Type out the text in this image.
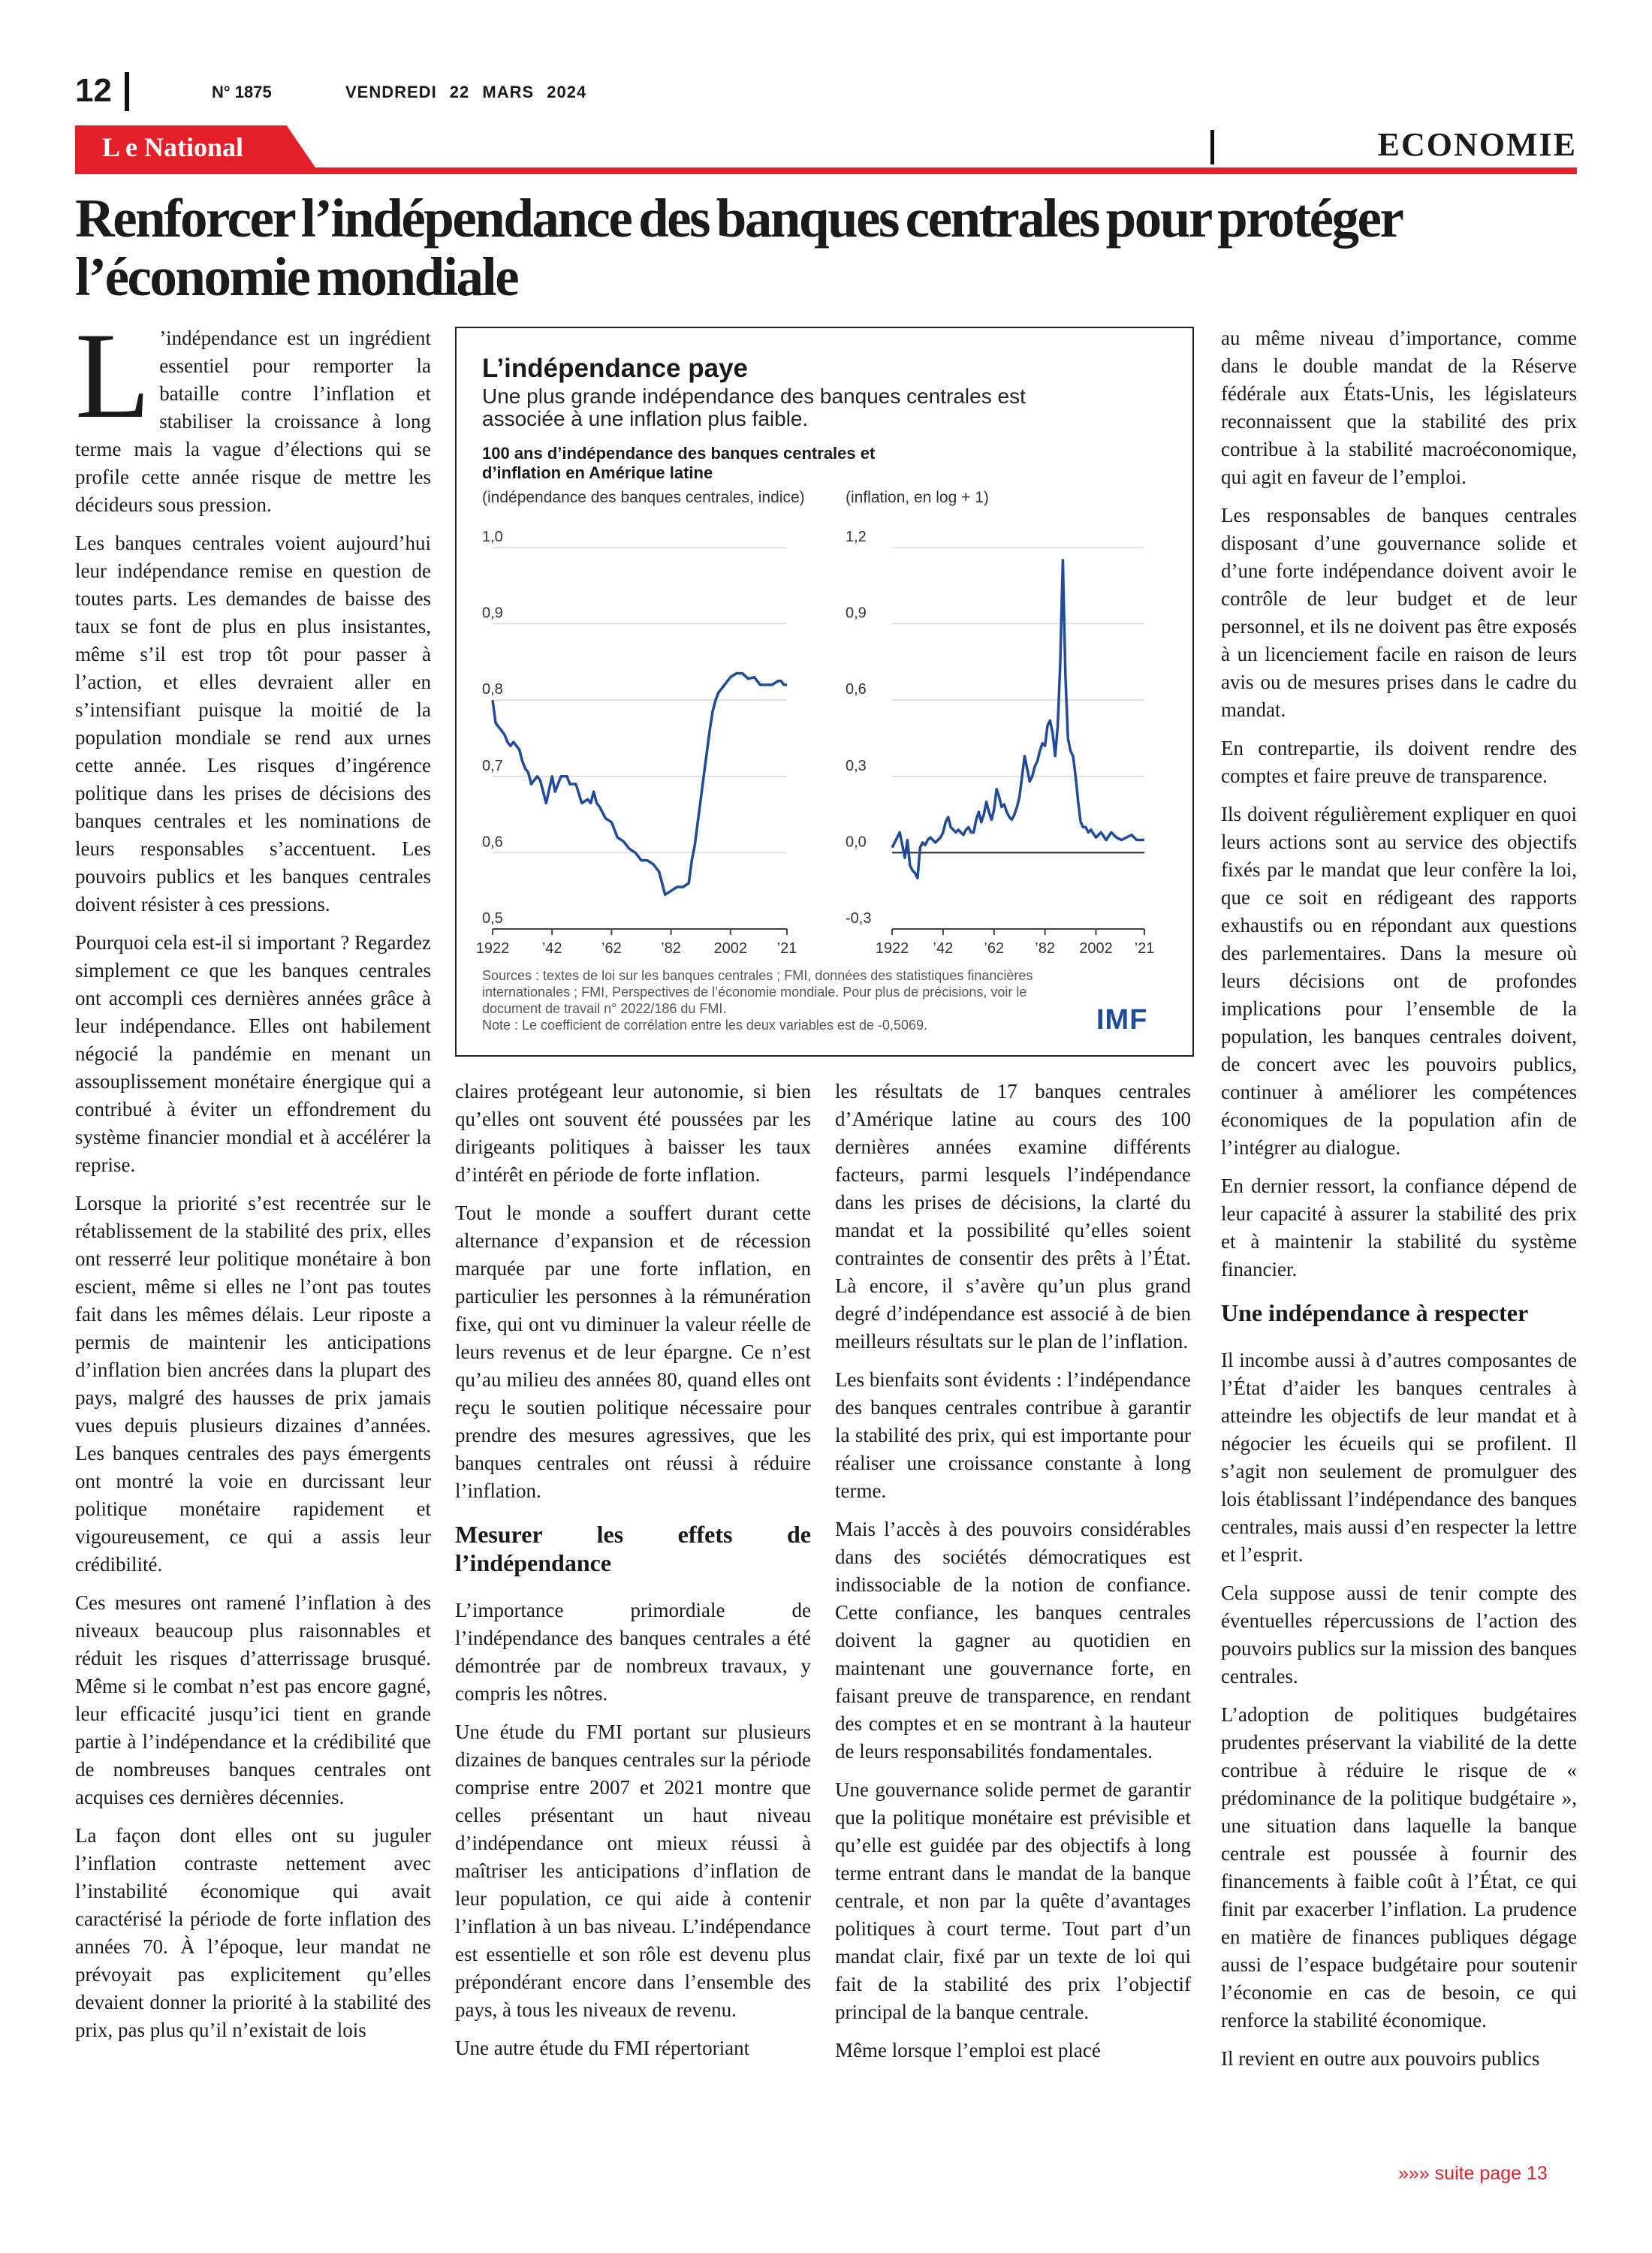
12	N° 1875	VENDREDI 22 MARS 2024
L e National	ECONOMIE
Renforcer l’indépendance des banques centrales pour protéger l’économie mondiale

L ’indépendance est un ingrédient essentiel pour remporter la bataille contre l’inflation et stabiliser la croissance à long terme mais la vague d’élections qui se profile cette année risque de mettre les décideurs sous pression.

Les banques centrales voient aujourd’hui leur indépendance remise en question de toutes parts. Les demandes de baisse des taux se font de plus en plus insistantes, même s’il est trop tôt pour passer à l’action, et elles devraient aller en s’intensifiant puisque la moitié de la population mondiale se rend aux urnes cette année. Les risques d’ingérence politique dans les prises de décisions des banques centrales et les nominations de leurs responsables s’accentuent. Les pouvoirs publics et les banques centrales doivent résister à ces pressions.

Pourquoi cela est-il si important ? Regardez simplement ce que les banques centrales ont accompli ces dernières années grâce à leur indépendance. Elles ont habilement négocié la pandémie en menant un assouplissement monétaire énergique qui a contribué à éviter un effondrement du système financier mondial et à accélérer la reprise.

Lorsque la priorité s’est recentrée sur le rétablissement de la stabilité des prix, elles ont resserré leur politique monétaire à bon escient, même si elles ne l’ont pas toutes fait dans les mêmes délais. Leur riposte a permis de maintenir les anticipations d’inflation bien ancrées dans la plupart des pays, malgré des hausses de prix jamais vues depuis plusieurs dizaines d’années. Les banques centrales des pays émergents ont montré la voie en durcissant leur politique monétaire rapidement et vigoureusement, ce qui a assis leur crédibilité.

Ces mesures ont ramené l’inflation à des niveaux beaucoup plus raisonnables et réduit les risques d’atterrissage brusqué. Même si le combat n’est pas encore gagné, leur efficacité jusqu’ici tient en grande partie à l’indépendance et la crédibilité que de nombreuses banques centrales ont acquises ces dernières décennies.

La façon dont elles ont su juguler l’inflation contraste nettement avec l’instabilité économique qui avait caractérisé la période de forte inflation des années 70. À l’époque, leur mandat ne prévoyait pas explicitement qu’elles devaient donner la priorité à la stabilité des prix, pas plus qu’il n’existait de lois

L’indépendance paye
Une plus grande indépendance des banques centrales est associée à une inflation plus faible.
100 ans d’indépendance des banques centrales et d’inflation en Amérique latine
(indépendance des banques centrales, indice)
1,0
0,9
0,8
0,7
0,6
0,5
1922 ’42	’62	’82 2002 ’21
(inflation, en log + 1)
1,2
0,9
0,6
0,3
0,0
-0,3
1922 ’42 ’62 ’82 2002 ’21
Sources : textes de loi sur les banques centrales ; FMI, données des statistiques financières internationales ; FMI, Perspectives de l’économie mondiale. Pour plus de précisions, voir le document de travail n° 2022/186 du FMI.
Note : Le coefficient de corrélation entre les deux variables est de -0,5069.	IMF

claires protégeant leur autonomie, si bien qu’elles ont souvent été poussées par les dirigeants politiques à baisser les taux d’intérêt en période de forte inflation.

Tout le monde a souffert durant cette alternance d’expansion et de récession marquée par une forte inflation, en particulier les personnes à la rémunération fixe, qui ont vu diminuer la valeur réelle de leurs revenus et de leur épargne. Ce n’est qu’au milieu des années 80, quand elles ont reçu le soutien politique nécessaire pour prendre des mesures agressives, que les banques centrales ont réussi à réduire l’inflation.

Mesurer les effets de l’indépendance

L’importance primordiale de l’indépendance des banques centrales a été démontrée par de nombreux travaux, y compris les nôtres.

Une étude du FMI portant sur plusieurs dizaines de banques centrales sur la période comprise entre 2007 et 2021 montre que celles présentant un haut niveau d’indépendance ont mieux réussi à maîtriser les anticipations d’inflation de leur population, ce qui aide à contenir l’inflation à un bas niveau. L’indépendance est essentielle et son rôle est devenu plus prépondérant encore dans l’ensemble des pays, à tous les niveaux de revenu.

Une autre étude du FMI répertoriant

les résultats de 17 banques centrales d’Amérique latine au cours des 100 dernières années examine différents facteurs, parmi lesquels l’indépendance dans les prises de décisions, la clarté du mandat et la possibilité qu’elles soient contraintes de consentir des prêts à l’État. Là encore, il s’avère qu’un plus grand degré d’indépendance est associé à de bien meilleurs résultats sur le plan de l’inflation.

Les bienfaits sont évidents : l’indépendance des banques centrales contribue à garantir la stabilité des prix, qui est importante pour réaliser une croissance constante à long terme.

Mais l’accès à des pouvoirs considérables dans des sociétés démocratiques est indissociable de la notion de confiance. Cette confiance, les banques centrales doivent la gagner au quotidien en maintenant une gouvernance forte, en faisant preuve de transparence, en rendant des comptes et en se montrant à la hauteur de leurs responsabilités fondamentales.

Une gouvernance solide permet de garantir que la politique monétaire est prévisible et qu’elle est guidée par des objectifs à long terme entrant dans le mandat de la banque centrale, et non par la quête d’avantages politiques à court terme. Tout part d’un mandat clair, fixé par un texte de loi qui fait de la stabilité des prix l’objectif principal de la banque centrale.

Même lorsque l’emploi est placé

au même niveau d’importance, comme dans le double mandat de la Réserve fédérale aux États-Unis, les législateurs reconnaissent que la stabilité des prix contribue à la stabilité macroéconomique, qui agit en faveur de l’emploi.

Les responsables de banques centrales disposant d’une gouvernance solide et d’une forte indépendance doivent avoir le contrôle de leur budget et de leur personnel, et ils ne doivent pas être exposés à un licenciement facile en raison de leurs avis ou de mesures prises dans le cadre du mandat.

En contrepartie, ils doivent rendre des comptes et faire preuve de transparence.

Ils doivent régulièrement expliquer en quoi leurs actions sont au service des objectifs fixés par le mandat que leur confère la loi, que ce soit en rédigeant des rapports exhaustifs ou en répondant aux questions des parlementaires. Dans la mesure où leurs décisions ont de profondes implications pour l’ensemble de la population, les banques centrales doivent, de concert avec les pouvoirs publics, continuer à améliorer les compétences économiques de la population afin de l’intégrer au dialogue.

En dernier ressort, la confiance dépend de leur capacité à assurer la stabilité des prix et à maintenir la stabilité du système financier.

Une indépendance à respecter

Il incombe aussi à d’autres composantes de l’État d’aider les banques centrales à atteindre les objectifs de leur mandat et à négocier les écueils qui se profilent. Il s’agit non seulement de promulguer des lois établissant l’indépendance des banques centrales, mais aussi d’en respecter la lettre et l’esprit.

Cela suppose aussi de tenir compte des éventuelles répercussions de l’action des pouvoirs publics sur la mission des banques centrales.

L’adoption de politiques budgétaires prudentes préservant la viabilité de la dette contribue à réduire le risque de « prédominance de la politique budgétaire », une situation dans laquelle la banque centrale est poussée à fournir des financements à faible coût à l’État, ce qui finit par exacerber l’inflation. La prudence en matière de finances publiques dégage aussi de l’espace budgétaire pour soutenir l’économie en cas de besoin, ce qui renforce la stabilité économique.

Il revient en outre aux pouvoirs publics

»»» suite page 13
